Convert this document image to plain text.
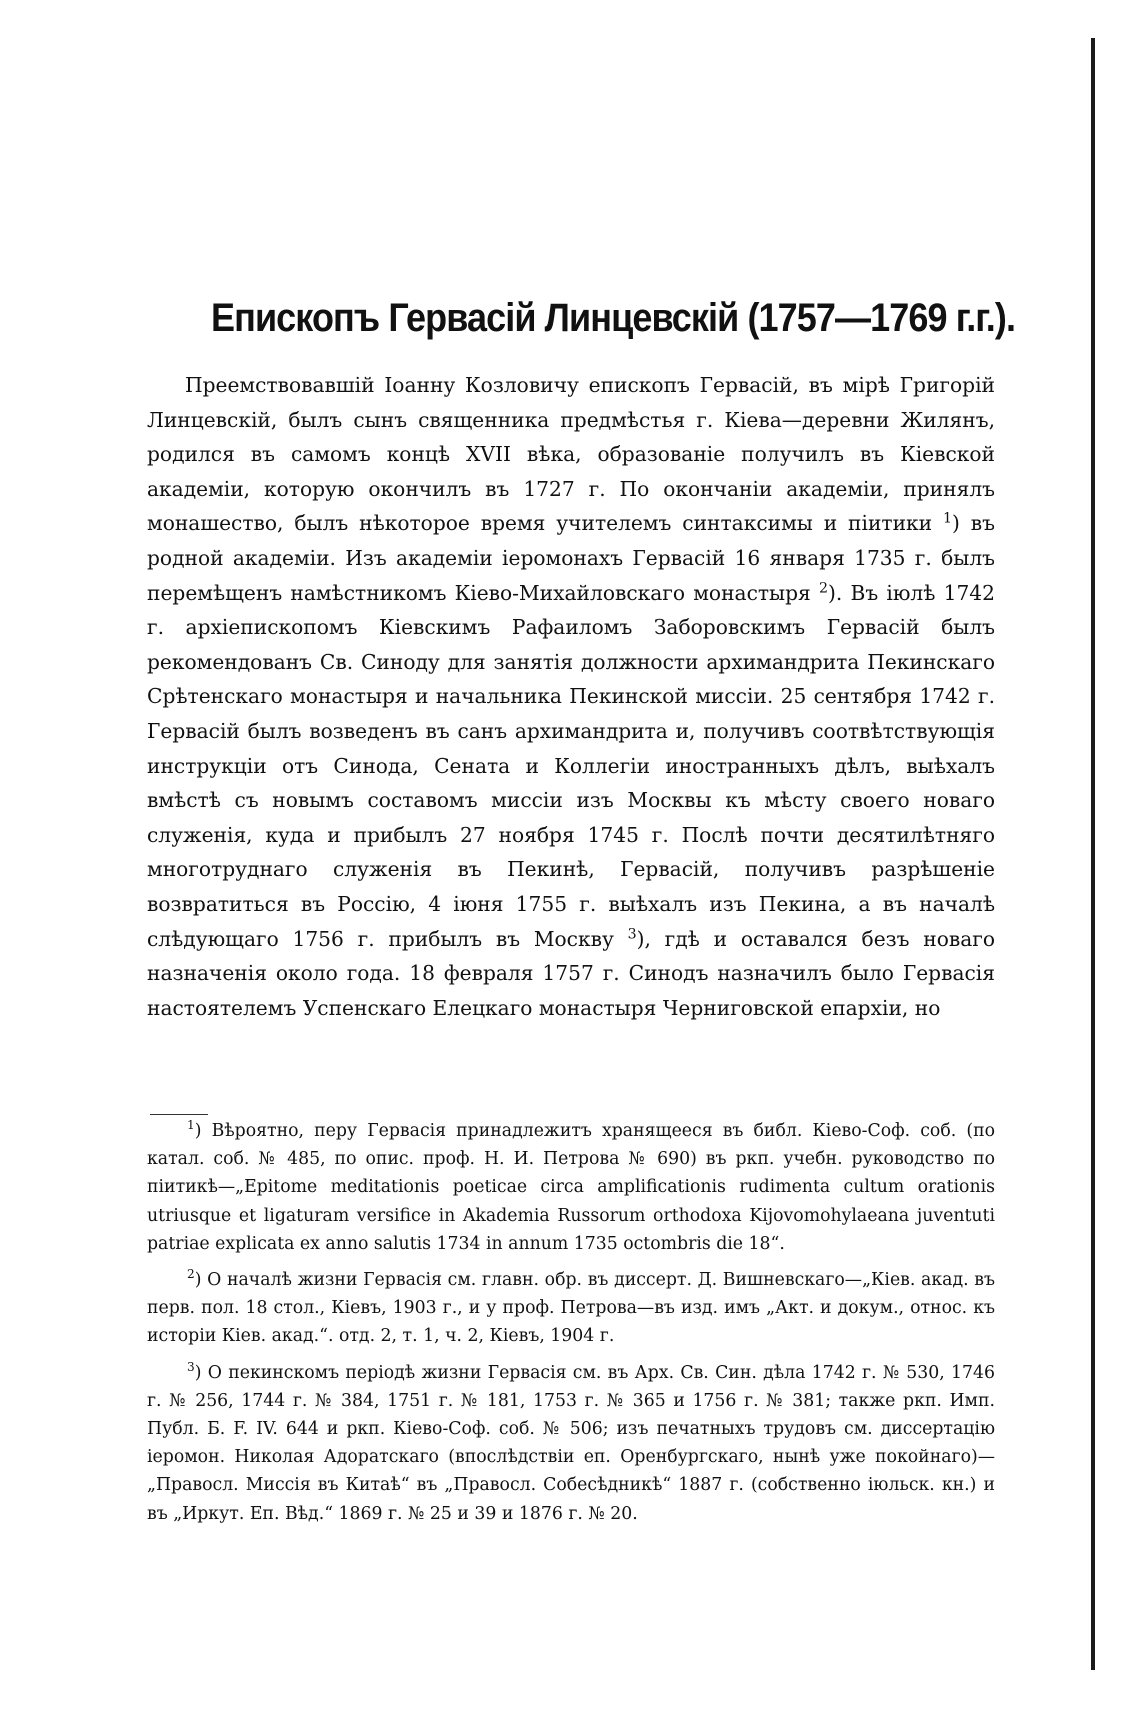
Епископъ Гервасій Линцевскій (1757—1769 г.г.).

Преемствовавшій Іоанну Козловичу епископъ Гервасій, въ мірѣ Григорій Линцевскій, былъ сынъ священника предмѣстья г. Кіева—деревни Жилянъ, родился въ самомъ концѣ XVII вѣка, образованіе получилъ въ Кіевской академіи, которую окончилъ въ 1727 г. По окончаніи академіи, принялъ монашество, былъ нѣкоторое время учителемъ синтаксимы и піитики $^1$) въ родной академіи. Изъ академіи іеромонахъ Гервасій 16 января 1735 г. былъ перемѣщенъ намѣстникомъ Кіево-Михайловскаго монастыря $^2$). Въ іюлѣ 1742 г. архіепископомъ Кіевскимъ Рафаиломъ Заборовскимъ Гервасій былъ рекомендованъ Св. Синоду для занятія должности архимандрита Пекинскаго Срѣтенскаго монастыря и начальника Пекинской миссіи. 25 сентября 1742 г. Гервасій былъ возведенъ въ санъ архимандрита и, получивъ соотвѣтствующія инструкціи отъ Синода, Сената и Коллегіи иностранныхъ дѣлъ, выѣхалъ вмѣстѣ съ новымъ составомъ миссіи изъ Москвы къ мѣсту своего новаго служенія, куда и прибылъ 27 ноября 1745 г. Послѣ почти десятилѣтняго многотруднаго служенія въ Пекинѣ, Гервасій, получивъ разрѣшеніе возвратиться въ Россію, 4 іюня 1755 г. выѣхалъ изъ Пекина, а въ началѣ слѣдующаго 1756 г. прибылъ въ Москву $^3$), гдѣ и оставался безъ новаго назначенія около года. 18 февраля 1757 г. Синодъ назначилъ было Гервасія настоятелемъ Успенскаго Елецкаго монастыря Черниговской епархіи, но

$^1$) Вѣроятно, перу Гервасія принадлежитъ хранящееся въ библ. Кіево-Соф. соб. (по катал. соб. № 485, по опис. проф. Н. И. Петрова № 690) въ ркп. учебн. руководство по піитикѣ—„Epitome meditationis poeticae circa amplificationis rudimenta cultum orationis utriusque et ligaturam versifice in Akademia Russorum orthodoxa Kijovomohylaeana juventuti patriae explicata ex anno salutis 1734 in annum 1735 octombris die 18“.

$^2$) О началѣ жизни Гервасія см. главн. обр. въ диссерт. Д. Вишневскаго—„Кіев. акад. въ перв. пол. 18 стол., Кіевъ, 1903 г., и у проф. Петрова—въ изд. имъ „Акт. и докум., относ. къ исторіи Кіев. акад.“. отд. 2, т. 1, ч. 2, Кіевъ, 1904 г.

$^3$) О пекинскомъ періодѣ жизни Гервасія см. въ Арх. Св. Син. дѣла 1742 г. № 530, 1746 г. № 256, 1744 г. № 384, 1751 г. № 181, 1753 г. № 365 и 1756 г. № 381; также ркп. Имп. Публ. Б. F. IV. 644 и ркп. Кіево-Соф. соб. № 506; изъ печатныхъ трудовъ см. диссертацію іеромон. Николая Адоратскаго (впослѣдствіи еп. Оренбургскаго, нынѣ уже покойнаго)—„Правосл. Миссія въ Китаѣ“ въ „Правосл. Собесѣдникѣ“ 1887 г. (собственно іюльск. кн.) и въ „Иркут. Еп. Вѣд.“ 1869 г. № 25 и 39 и 1876 г. № 20.
